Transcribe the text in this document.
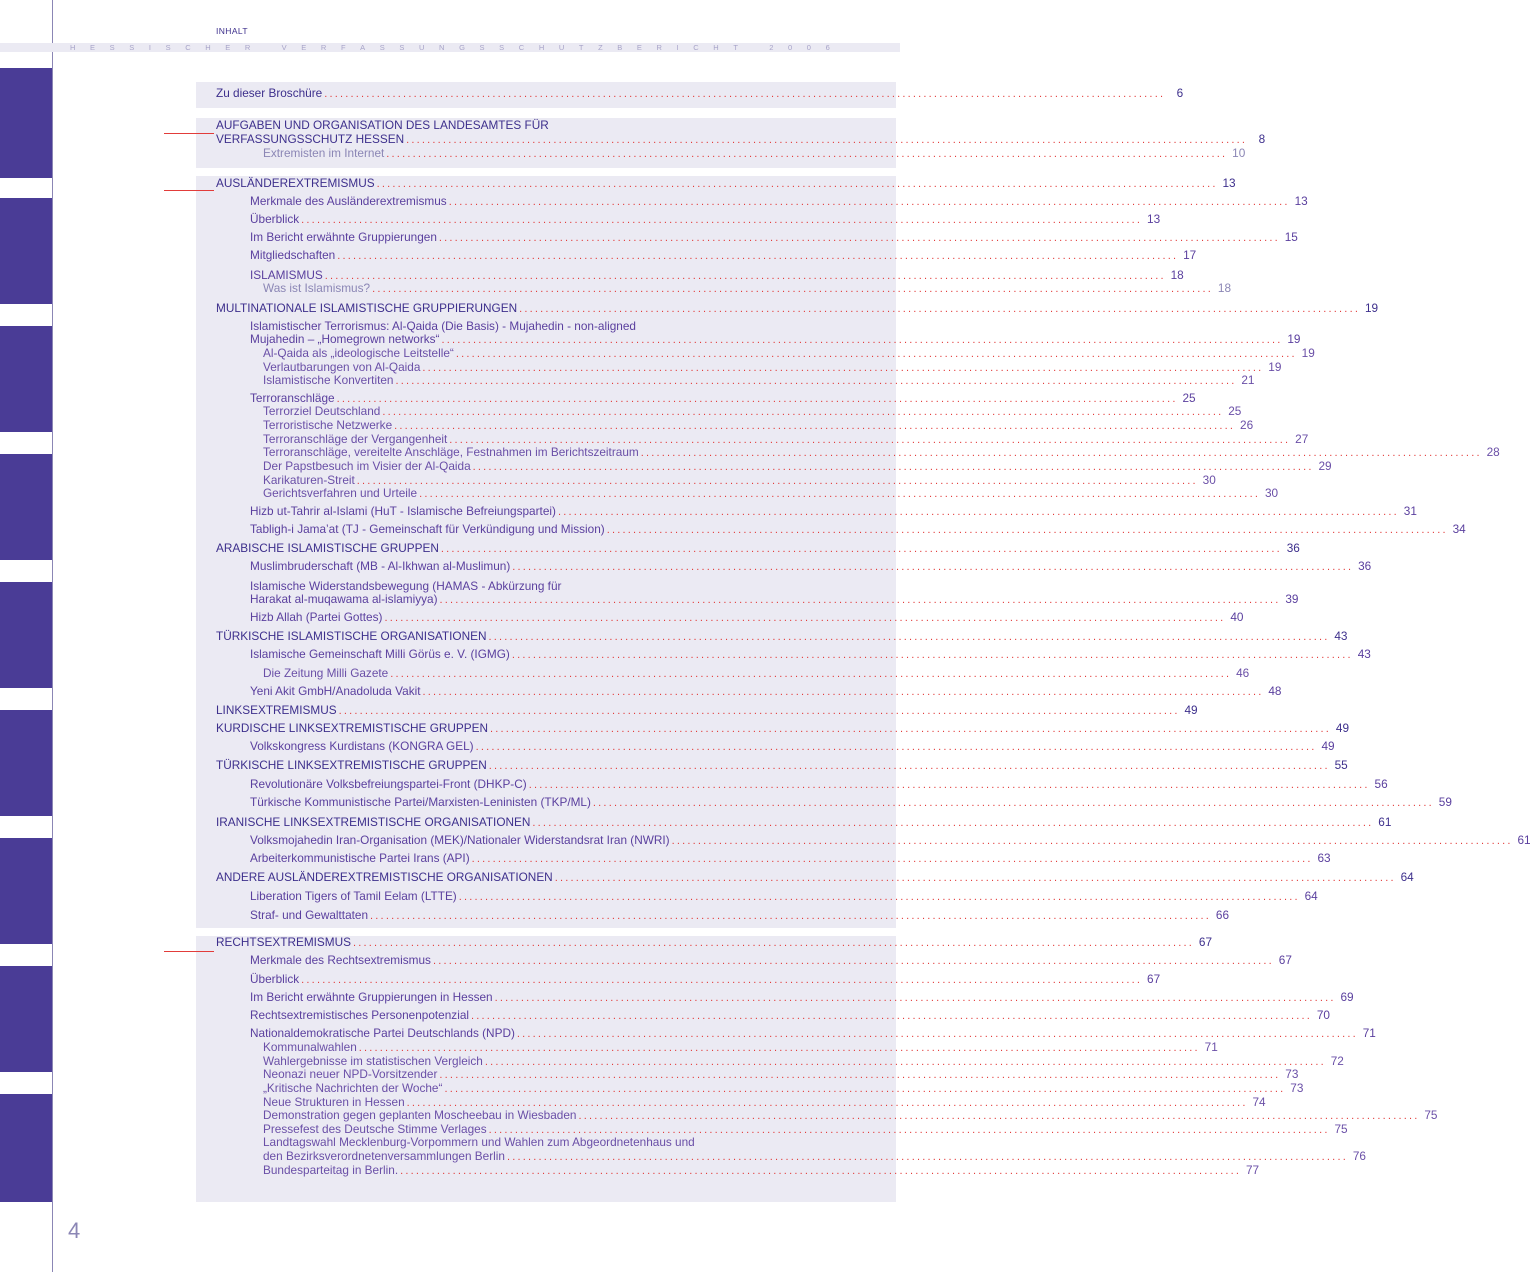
INHALT
H E S S I S C H E R
	V E R F A S S U N G S S C H U T Z B E R I C H T
	2 0 0 6
Zu dieser Broschüre ................................................................................................................................................................ 6
AUFGABEN UND ORGANISATION DES LANDESAMTES FÜR
VERFASSUNGSSCHUTZ HESSEN ................................................................................................................................................................ 8
Extremisten im Internet ................................................................................................................................................................ 10
AUSLÄNDEREXTREMISMUS ................................................................................................................................................................ 13
Merkmale des Ausländerextremismus ................................................................................................................................................................ 13
Überblick ................................................................................................................................................................ 13
Im Bericht erwähnte Gruppierungen ................................................................................................................................................................ 15
Mitgliedschaften ................................................................................................................................................................ 17
ISLAMISMUS ................................................................................................................................................................ 18
Was ist Islamismus? ................................................................................................................................................................ 18
MULTINATIONALE ISLAMISTISCHE GRUPPIERUNGEN ................................................................................................................................................................ 19
Islamistischer Terrorismus: Al-Qaida (Die Basis) - Mujahedin - non-aligned
Mujahedin – „Homegrown networks“ ................................................................................................................................................................ 19
Al-Qaida als „ideologische Leitstelle“ ................................................................................................................................................................ 19
Verlautbarungen von Al-Qaida ................................................................................................................................................................ 19
Islamistische Konvertiten ................................................................................................................................................................ 21
Terroranschläge ................................................................................................................................................................ 25
Terrorziel Deutschland ................................................................................................................................................................ 25
Terroristische Netzwerke ................................................................................................................................................................ 26
Terroranschläge der Vergangenheit ................................................................................................................................................................ 27
Terroranschläge, vereitelte Anschläge, Festnahmen im Berichtszeitraum ................................................................................................................................................................ 28
Der Papstbesuch im Visier der Al-Qaida ................................................................................................................................................................ 29
Karikaturen-Streit ................................................................................................................................................................ 30
Gerichtsverfahren und Urteile ................................................................................................................................................................ 30
Hizb ut-Tahrir al-Islami (HuT - Islamische Befreiungspartei) ................................................................................................................................................................ 31
Tabligh-i Jama’at (TJ - Gemeinschaft für Verkündigung und Mission) ................................................................................................................................................................ 34
ARABISCHE ISLAMISTISCHE GRUPPEN ................................................................................................................................................................ 36
Muslimbruderschaft (MB - Al-Ikhwan al-Muslimun) ................................................................................................................................................................ 36
Islamische Widerstandsbewegung (HAMAS - Abkürzung für
Harakat al-muqawama al-islamiyya) ................................................................................................................................................................ 39
Hizb Allah (Partei Gottes) ................................................................................................................................................................ 40
TÜRKISCHE ISLAMISTISCHE ORGANISATIONEN ................................................................................................................................................................ 43
Islamische Gemeinschaft Milli Görüs e. V. (IGMG) ................................................................................................................................................................ 43
Die Zeitung Milli Gazete ................................................................................................................................................................ 46
Yeni Akit GmbH/Anadoluda Vakit ................................................................................................................................................................ 48
LINKSEXTREMISMUS ................................................................................................................................................................ 49
KURDISCHE LINKSEXTREMISTISCHE GRUPPEN ................................................................................................................................................................ 49
Volkskongress Kurdistans (KONGRA GEL) ................................................................................................................................................................ 49
TÜRKISCHE LINKSEXTREMISTISCHE GRUPPEN ................................................................................................................................................................ 55
Revolutionäre Volksbefreiungspartei-Front (DHKP-C) ................................................................................................................................................................ 56
Türkische Kommunistische Partei/Marxisten-Leninisten (TKP/ML) ................................................................................................................................................................ 59
IRANISCHE LINKSEXTREMISTISCHE ORGANISATIONEN ................................................................................................................................................................ 61
Volksmojahedin Iran-Organisation (MEK)/Nationaler Widerstandsrat Iran (NWRI) ................................................................................................................................................................ 61
Arbeiterkommunistische Partei Irans (API) ................................................................................................................................................................ 63
ANDERE AUSLÄNDEREXTREMISTISCHE ORGANISATIONEN ................................................................................................................................................................ 64
Liberation Tigers of Tamil Eelam (LTTE) ................................................................................................................................................................ 64
Straf- und Gewalttaten ................................................................................................................................................................ 66
RECHTSEXTREMISMUS ................................................................................................................................................................ 67
Merkmale des Rechtsextremismus ................................................................................................................................................................ 67
Überblick ................................................................................................................................................................ 67
Im Bericht erwähnte Gruppierungen in Hessen ................................................................................................................................................................ 69
Rechtsextremistisches Personenpotenzial ................................................................................................................................................................ 70
Nationaldemokratische Partei Deutschlands (NPD) ................................................................................................................................................................ 71
Kommunalwahlen ................................................................................................................................................................ 71
Wahlergebnisse im statistischen Vergleich ................................................................................................................................................................ 72
Neonazi neuer NPD-Vorsitzender ................................................................................................................................................................ 73
„Kritische Nachrichten der Woche“ ................................................................................................................................................................ 73
Neue Strukturen in Hessen ................................................................................................................................................................ 74
Demonstration gegen geplanten Moscheebau in Wiesbaden ................................................................................................................................................................ 75
Pressefest des Deutsche Stimme Verlages ................................................................................................................................................................ 75
Landtagswahl Mecklenburg-Vorpommern und Wahlen zum Abgeordnetenhaus und
den Bezirksverordnetenversammlungen Berlin ................................................................................................................................................................ 76
Bundesparteitag in Berlin. ................................................................................................................................................................ 77
4
